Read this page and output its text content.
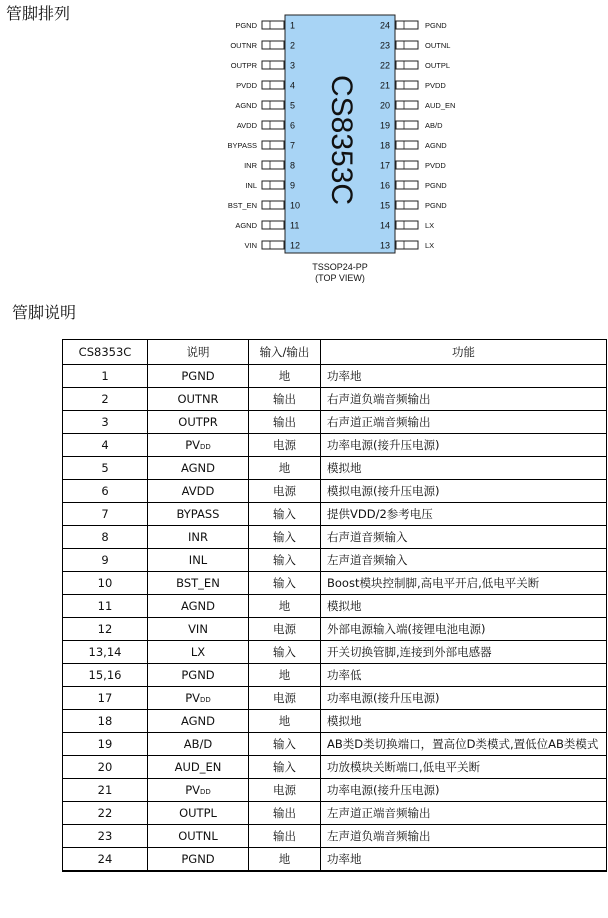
管脚排列
1
PGND
2
OUTNR
3
OUTPR
4
PVDD
5
AGND
6
AVDD
7
BYPASS
8
INR
9
INL
10
BST_EN
11
AGND
12
VIN
24	PGND
23	OUTNL
22	OUTPL
21	PVDD
20	AUD_EN
19	AB/D
18	AGND
17	PVDD
16	PGND
15	PGND
14	LX
13	LX
CS8353C
TSSOP24-PP
(TOP VIEW)
管脚说明
CS8353C	说明	输入/输出	功能
1	PGND	地	功率地
2	OUTNR	输出	右声道负端音频输出
3	OUTPR	输出	右声道正端音频输出
4	PVDD	电源	功率电源(接升压电源)
5	AGND	地	模拟地
6	AVDD	电源	模拟电源(接升压电源)
7	BYPASS	输入	提供VDD/2参考电压
8	INR	输入	右声道音频输入
9	INL	输入	左声道音频输入
10	BST_EN	输入	Boost模块控制脚,高电平开启,低电平关断
11	AGND	地	模拟地
12	VIN	电源	外部电源输入端(接锂电池电源)
13,14	LX	输入	开关切换管脚,连接到外部电感器
15,16	PGND	地	功率低
17	PVDD	电源	功率电源(接升压电源)
18	AGND	地	模拟地
19	AB/D	输入	AB类D类切换端口，置高位D类模式,置低位AB类模式
20	AUD_EN	输入	功放模块关断端口,低电平关断
21	PVDD	电源	功率电源(接升压电源)
22	OUTPL	输出	左声道正端音频输出
23	OUTNL	输出	左声道负端音频输出
24	PGND	地	功率地
